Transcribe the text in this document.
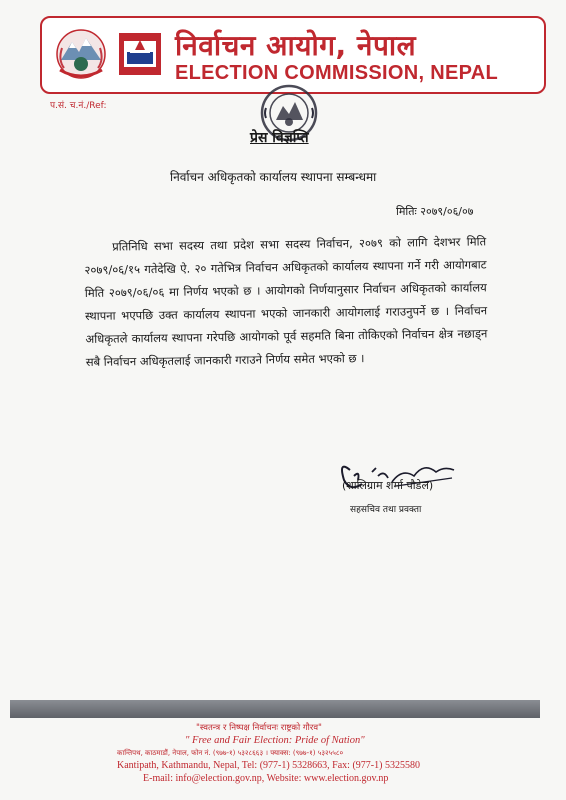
निर्वाचन आयोग, नेपाल
ELECTION COMMISSION, NEPAL
प.सं. च.नं./Ref:
प्रेस विज्ञप्ति
निर्वाचन अधिकृतको कार्यालय स्थापना सम्बन्धमा
मितिः २०७९/०६/०७
प्रतिनिधि सभा सदस्य तथा प्रदेश सभा सदस्य निर्वाचन, २०७९ को लागि देशभर मिति २०७९/०६/१५ गतेदेखि ऐ. २० गतेभित्र निर्वाचन अधिकृतको कार्यालय स्थापना गर्ने गरी आयोगबाट मिति २०७९/०६/०६ मा निर्णय भएको छ । आयोगको निर्णयानुसार निर्वाचन अधिकृतको कार्यालय स्थापना भएपछि उक्त कार्यालय स्थापना भएको जानकारी आयोगलाई गराउनुपर्ने छ । निर्वाचन अधिकृतले कार्यालय स्थापना गरेपछि आयोगको पूर्व सहमति बिना तोकिएको निर्वाचन क्षेत्र नछाड्न सबै निर्वाचन अधिकृतलाई जानकारी गराउने निर्णय समेत भएको छ ।
(शालिग्राम शर्मा पौडेल)
सहसचिव तथा प्रवक्ता
"स्वतन्त्र र निष्पक्ष निर्वाचनः राष्ट्रको गौरव"
" Free and Fair Election: Pride of Nation"
कान्तिपथ, काठमाडौं, नेपाल, फोन नं. (९७७-१) ५३२८६६३ । फ्याक्स: (९७७-१) ५३२५५८०
Kantipath, Kathmandu, Nepal, Tel: (977-1) 5328663, Fax: (977-1) 5325580
E-mail: info@election.gov.np, Website: www.election.gov.np
